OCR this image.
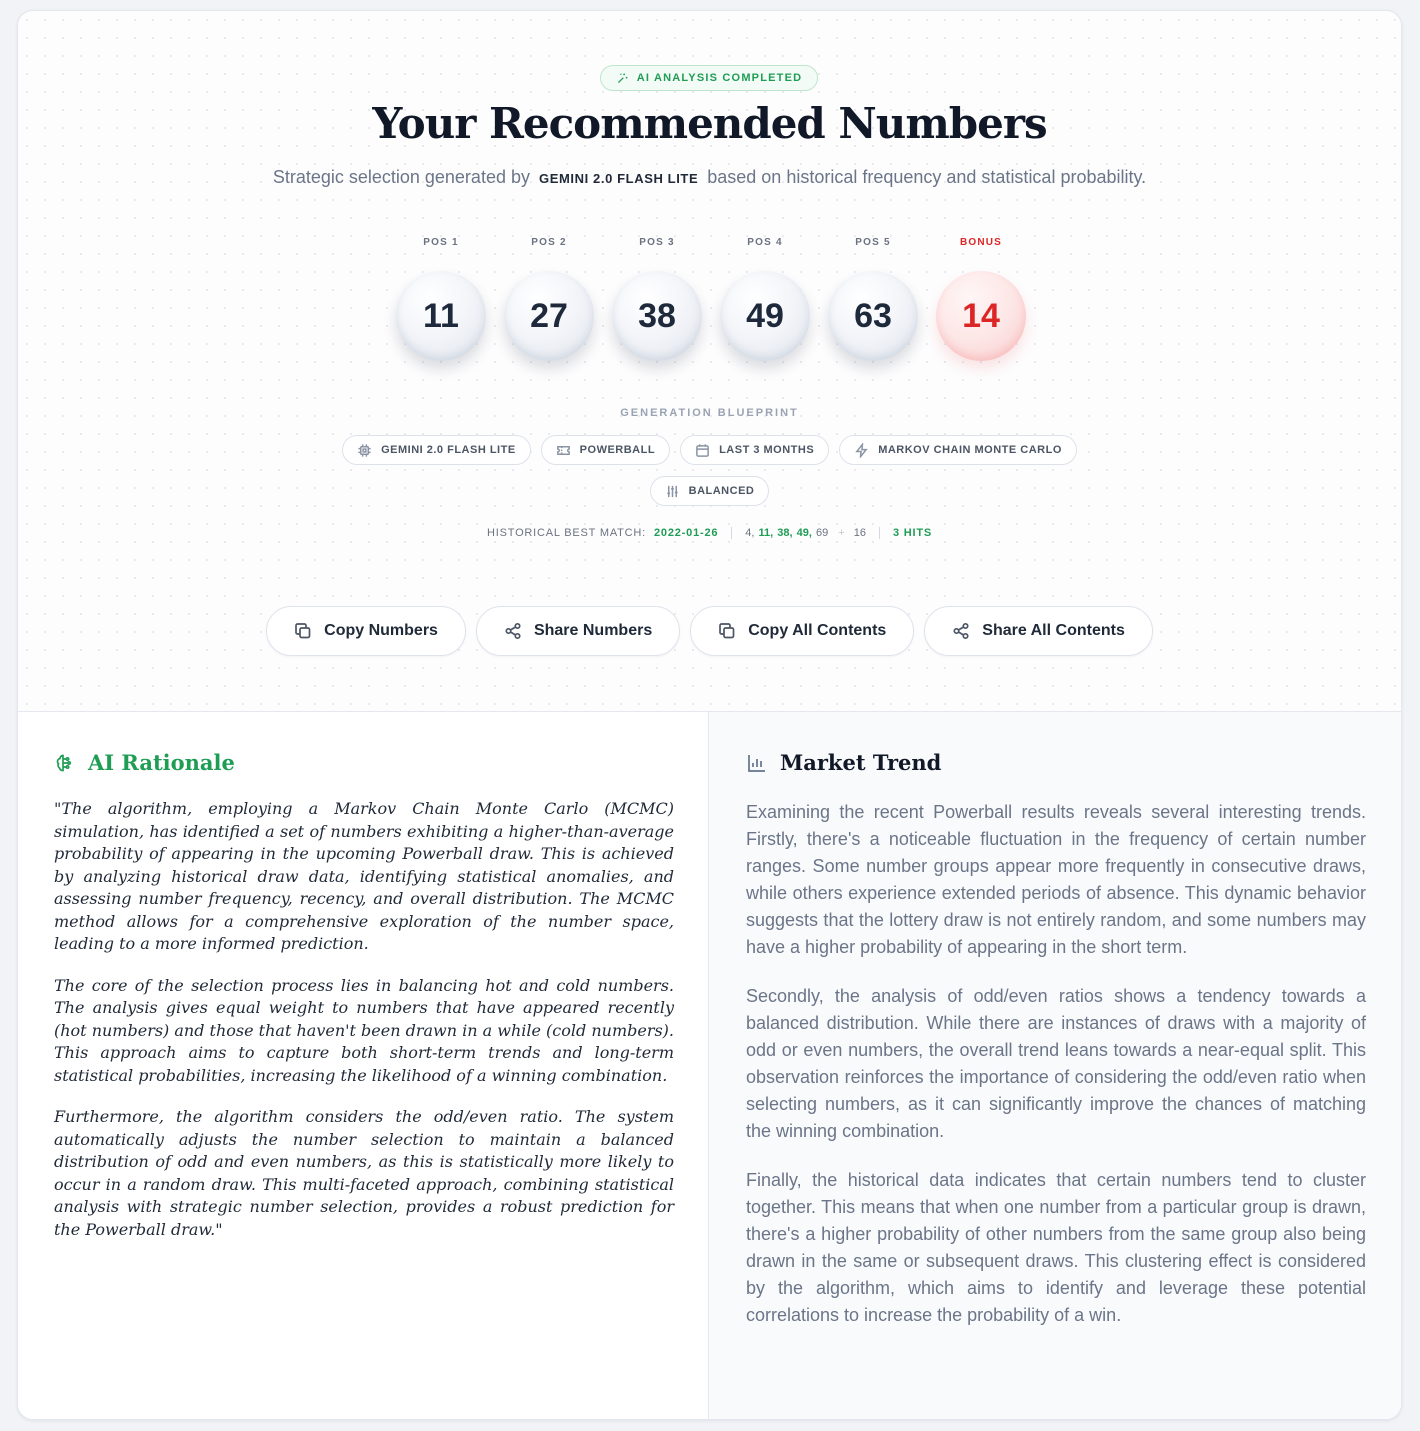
AI ANALYSIS COMPLETED
Your Recommended Numbers
Strategic selection generated by GEMINI 2.0 FLASH LITE based on historical frequency and statistical probability.
POS 1
11
POS 2
27
POS 3
38
POS 4
49
POS 5
63
BONUS
14
GENERATION BLUEPRINT
GEMINI 2.0 FLASH LITE	POWERBALL	LAST 3 MONTHS	MARKOV CHAIN MONTE CARLO
BALANCED
HISTORICAL BEST MATCH: 2022-01-26 4,
11,
38,
49,
69 + 16 3 HITS
Copy Numbers	Share Numbers	Copy All Contents	Share All Contents
AI Rationale

"The algorithm, employing a Markov Chain Monte Carlo (MCMC) simulation, has identified a set of numbers exhibiting a higher-than-average probability of appearing in the upcoming Powerball draw. This is achieved by analyzing historical draw data, identifying statistical anomalies, and assessing number frequency, recency, and overall distribution. The MCMC method allows for a comprehensive exploration of the number space, leading to a more informed prediction.

The core of the selection process lies in balancing hot and cold numbers. The analysis gives equal weight to numbers that have appeared recently (hot numbers) and those that haven't been drawn in a while (cold numbers). This approach aims to capture both short-term trends and long-term statistical probabilities, increasing the likelihood of a winning combination.

Furthermore, the algorithm considers the odd/even ratio. The system automatically adjusts the number selection to maintain a balanced distribution of odd and even numbers, as this is statistically more likely to occur in a random draw. This multi-faceted approach, combining statistical analysis with strategic number selection, provides a robust prediction for the Powerball draw."

Market Trend

Examining the recent Powerball results reveals several interesting trends. Firstly, there's a noticeable fluctuation in the frequency of certain number ranges. Some number groups appear more frequently in consecutive draws, while others experience extended periods of absence. This dynamic behavior suggests that the lottery draw is not entirely random, and some numbers may have a higher probability of appearing in the short term.

Secondly, the analysis of odd/even ratios shows a tendency towards a balanced distribution. While there are instances of draws with a majority of odd or even numbers, the overall trend leans towards a near-equal split. This observation reinforces the importance of considering the odd/even ratio when selecting numbers, as it can significantly improve the chances of matching the winning combination.

Finally, the historical data indicates that certain numbers tend to cluster together. This means that when one number from a particular group is drawn, there's a higher probability of other numbers from the same group also being drawn in the same or subsequent draws. This clustering effect is considered by the algorithm, which aims to identify and leverage these potential correlations to increase the probability of a win.
